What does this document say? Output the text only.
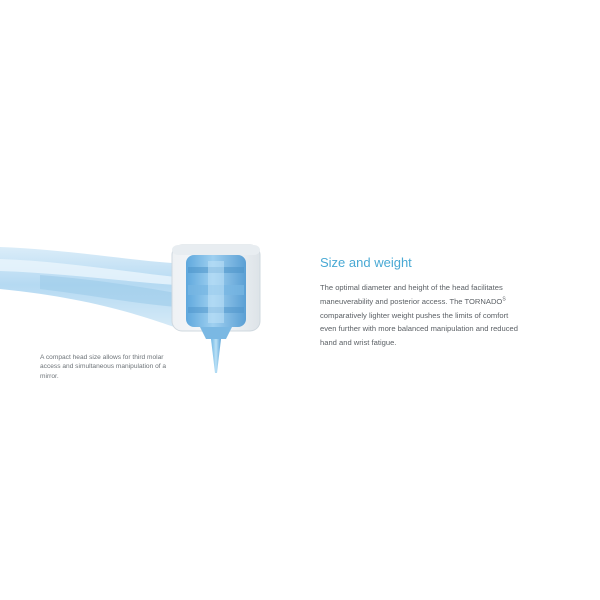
A compact head size allows for third molar access and simultaneous manipulation of a mirror.
Size and weight

The optimal diameter and height of the head facilitates
maneuverability and posterior access. The $TORNADO^S$
comparatively lighter weight pushes the limits of comfort
even further with more balanced manipulation and reduced
hand and wrist fatigue.
